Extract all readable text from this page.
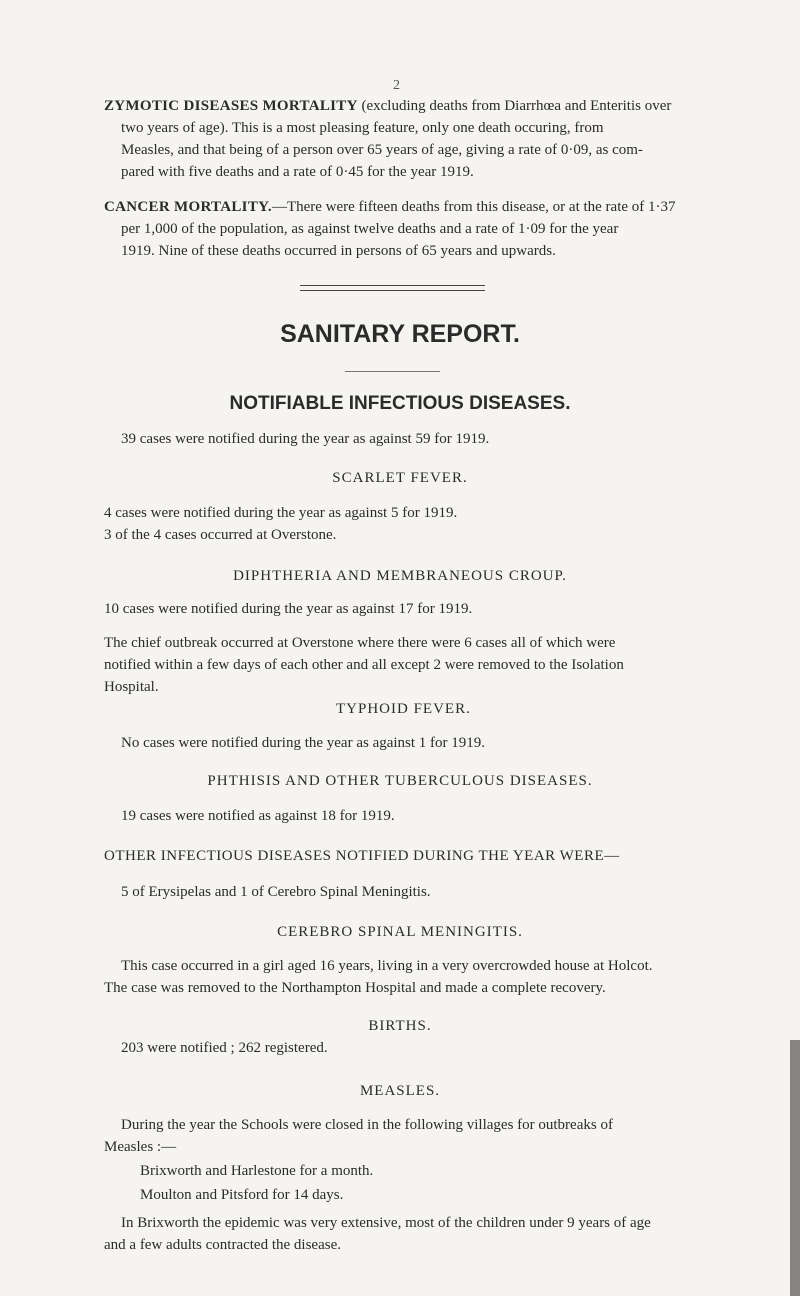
2
ZYMOTIC DISEASES MORTALITY (excluding deaths from Diarrhœa and Enteritis over
two years of age). This is a most pleasing feature, only one death occuring, from
Measles, and that being of a person over 65 years of age, giving a rate of 0·09, as com-
pared with five deaths and a rate of 0·45 for the year 1919.
CANCER MORTALITY.—There were fifteen deaths from this disease, or at the rate of 1·37
per 1,000 of the population, as against twelve deaths and a rate of 1·09 for the year
1919. Nine of these deaths occurred in persons of 65 years and upwards.
SANITARY REPORT.
NOTIFIABLE INFECTIOUS DISEASES.
39 cases were notified during the year as against 59 for 1919.
SCARLET FEVER.
4 cases were notified during the year as against 5 for 1919.
3 of the 4 cases occurred at Overstone.
DIPHTHERIA AND MEMBRANEOUS CROUP.
10 cases were notified during the year as against 17 for 1919.
The chief outbreak occurred at Overstone where there were 6 cases all of which were
notified within a few days of each other and all except 2 were removed to the Isolation
Hospital.
TYPHOID FEVER.
No cases were notified during the year as against 1 for 1919.
PHTHISIS AND OTHER TUBERCULOUS DISEASES.
19 cases were notified as against 18 for 1919.
OTHER INFECTIOUS DISEASES NOTIFIED DURING THE YEAR WERE—
5 of Erysipelas and 1 of Cerebro Spinal Meningitis.
CEREBRO SPINAL MENINGITIS.
This case occurred in a girl aged 16 years, living in a very overcrowded house at Holcot.
The case was removed to the Northampton Hospital and made a complete recovery.
BIRTHS.
203 were notified ; 262 registered.
MEASLES.
During the year the Schools were closed in the following villages for outbreaks of
Measles :—
Brixworth and Harlestone for a month.
Moulton and Pitsford for 14 days.
In Brixworth the epidemic was very extensive, most of the children under 9 years of age
and a few adults contracted the disease.
